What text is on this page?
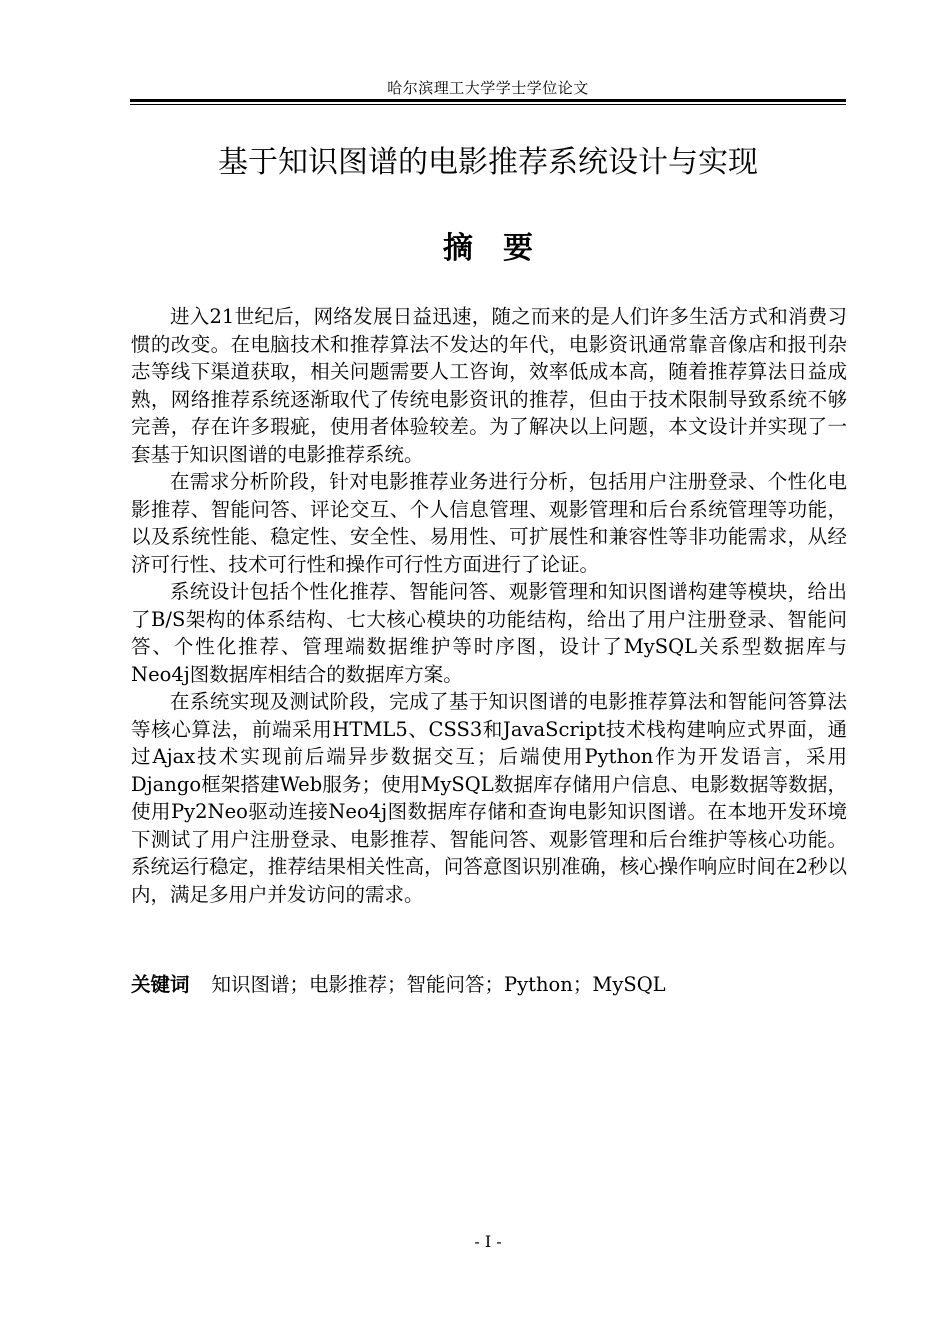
哈尔滨理工大学学士学位论文
基于知识图谱的电影推荐系统设计与实现
摘要

进入21世纪后，网络发展日益迅速，随之而来的是人们许多生活方式和消费习惯的改变。在电脑技术和推荐算法不发达的年代，电影资讯通常靠音像店和报刊杂志等线下渠道获取，相关问题需要人工咨询，效率低成本高，随着推荐算法日益成熟，网络推荐系统逐渐取代了传统电影资讯的推荐，但由于技术限制导致系统不够完善，存在许多瑕疵，使用者体验较差。为了解决以上问题，本文设计并实现了一套基于知识图谱的电影推荐系统。

在需求分析阶段，针对电影推荐业务进行分析，包括用户注册登录、个性化电影推荐、智能问答、评论交互、个人信息管理、观影管理和后台系统管理等功能，以及系统性能、稳定性、安全性、易用性、可扩展性和兼容性等非功能需求，从经济可行性、技术可行性和操作可行性方面进行了论证。

系统设计包括个性化推荐、智能问答、观影管理和知识图谱构建等模块，给出了B/S架构的体系结构、七大核心模块的功能结构，给出了用户注册登录、智能问答、个性化推荐、管理端数据维护等时序图，设计了MySQL关系型数据库与Neo4j图数据库相结合的数据库方案。

在系统实现及测试阶段，完成了基于知识图谱的电影推荐算法和智能问答算法等核心算法，前端采用HTML5、CSS3和JavaScript技术栈构建响应式界面，通过Ajax技术实现前后端异步数据交互；后端使用Python作为开发语言，采用Django框架搭建Web服务；使用MySQL数据库存储用户信息、电影数据等数据，使用Py2Neo驱动连接Neo4j图数据库存储和查询电影知识图谱。在本地开发环境下测试了用户注册登录、电影推荐、智能问答、观影管理和后台维护等核心功能。系统运行稳定，推荐结果相关性高，问答意图识别准确，核心操作响应时间在2秒以内，满足多用户并发访问的需求。

关键词 知识图谱；电影推荐；智能问答；Python；MySQL
- I -
